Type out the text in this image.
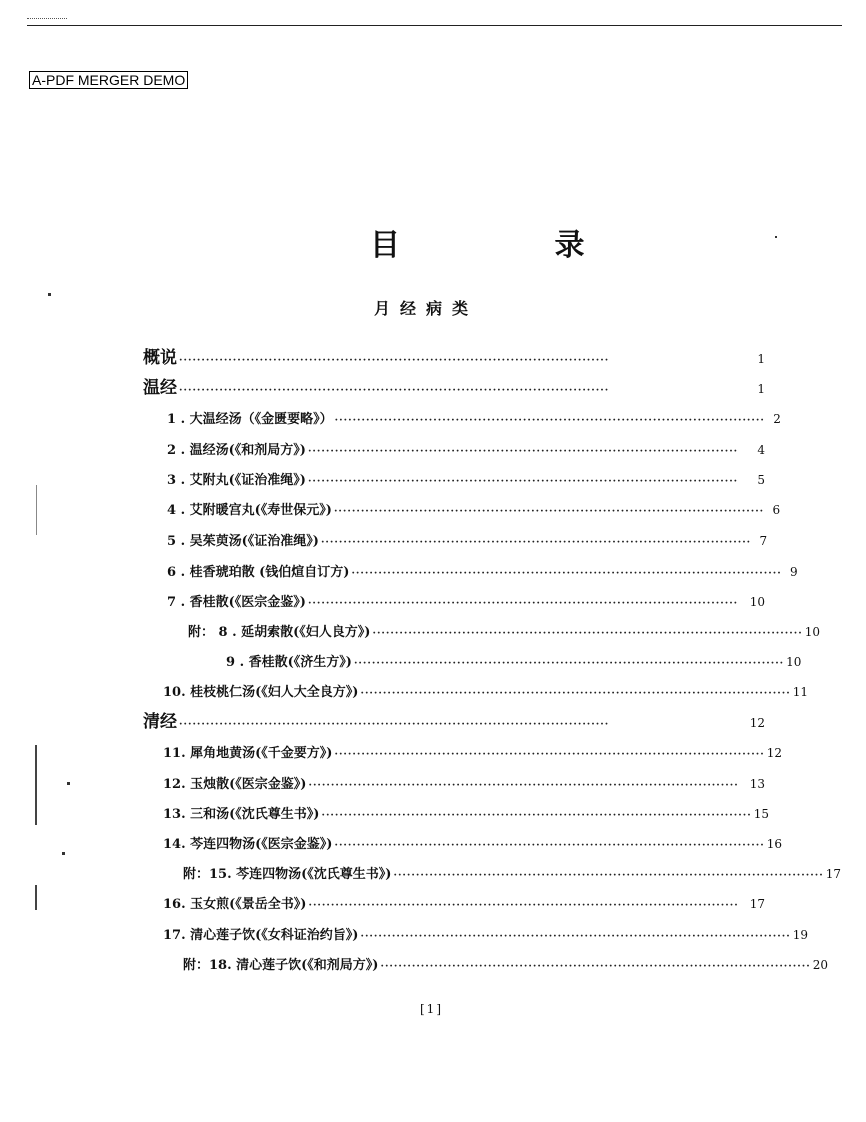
A-PDF MERGER DEMO
目 录
月经病类
概说 ································································································	1
温经 ································································································	1
1 . 大温经汤（《金匮要略》） ································································································ 2
2 . 温经汤(《和剂局方》) ································································································	4
3 . 艾附丸(《证治准绳》) ································································································	5
4 . 艾附暖宫丸(《寿世保元》) ································································································ 6
5 . 吴茱萸汤(《证治准绳》) ································································································ 7
6 . 桂香琥珀散 (钱伯煊自订方) ································································································ 9
7 . 香桂散(《医宗金鉴》) ································································································ 10
附： 8 . 延胡索散(《妇人良方》) ································································································ 10
9 . 香桂散(《济生方》) ································································································ 10
10. 桂枝桃仁汤(《妇人大全良方》) ································································································ 11
清经 ································································································	12
11. 犀角地黄汤(《千金要方》) ································································································ 12
12. 玉烛散(《医宗金鉴》) ································································································ 13
13. 三和汤(《沈氏尊生书》) ································································································ 15
14. 芩连四物汤(《医宗金鉴》) ································································································ 16
附：15. 芩连四物汤(《沈氏尊生书》) ································································································ 17
16. 玉女煎(《景岳全书》) ································································································ 17
17. 清心莲子饮(《女科证治约旨》) ································································································ 19
附：18. 清心莲子饮(《和剂局方》) ································································································ 20
[1]
